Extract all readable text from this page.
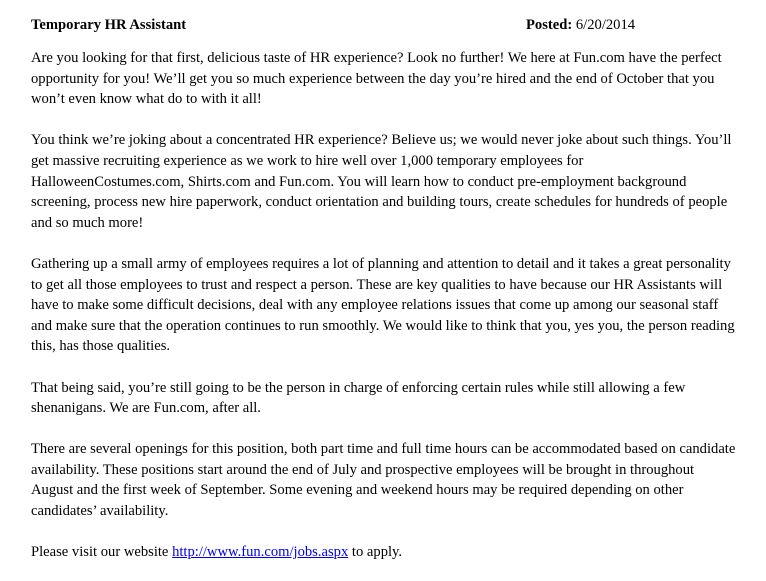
Temporary HR Assistant	Posted: 6/20/2014

Are you looking for that first, delicious taste of HR experience? Look no further! We here at Fun.com have the perfect opportunity for you! We’ll get you so much experience between the day you’re hired and the end of October that you won’t even know what do to with it all!

You think we’re joking about a concentrated HR experience? Believe us; we would never joke about such things. You’ll get massive recruiting experience as we work to hire well over 1,000 temporary employees for HalloweenCostumes.com, Shirts.com and Fun.com. You will learn how to conduct pre-employment background screening, process new hire paperwork, conduct orientation and building tours, create schedules for hundreds of people and so much more!

Gathering up a small army of employees requires a lot of planning and attention to detail and it takes a great personality to get all those employees to trust and respect a person. These are key qualities to have because our HR Assistants will have to make some difficult decisions, deal with any employee relations issues that come up among our seasonal staff and make sure that the operation continues to run smoothly. We would like to think that you, yes you, the person reading this, has those qualities.

That being said, you’re still going to be the person in charge of enforcing certain rules while still allowing a few shenanigans. We are Fun.com, after all.

There are several openings for this position, both part time and full time hours can be accommodated based on candidate availability. These positions start around the end of July and prospective employees will be brought in throughout August and the first week of September. Some evening and weekend hours may be required depending on other candidates’ availability.

Please visit our website http://www.fun.com/jobs.aspx to apply.
